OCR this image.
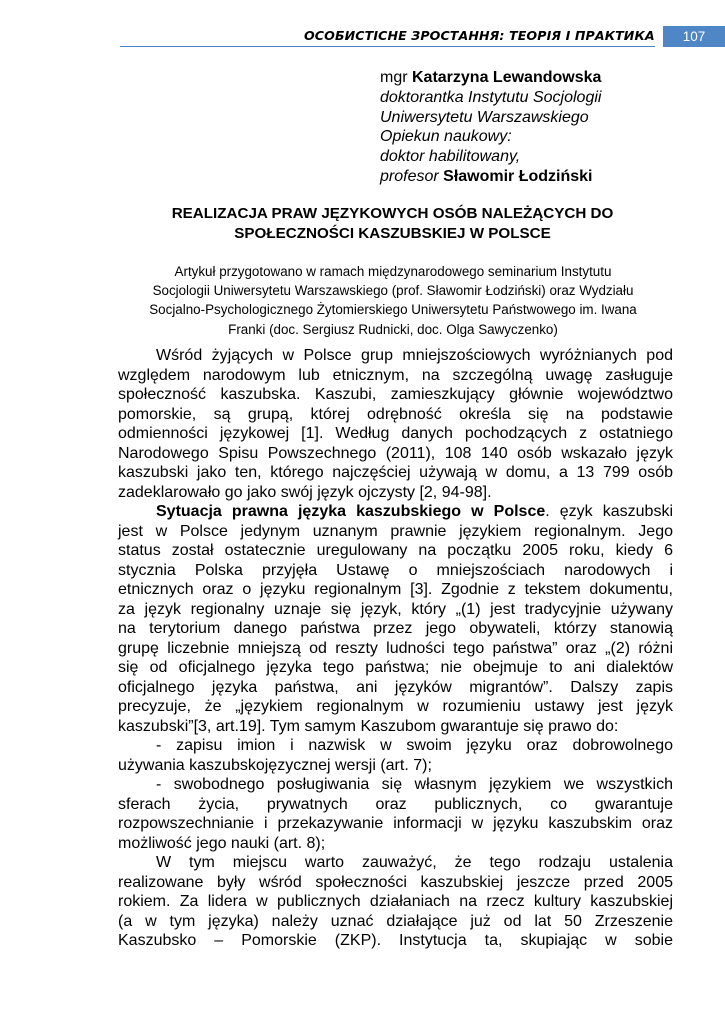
ОСОБИСТІСНЕ ЗРОСТАННЯ: ТЕОРІЯ І ПРАКТИКА	107
mgr Katarzyna Lewandowska
doktorantka Instytutu Socjologii
Uniwersytetu Warszawskiego
Opiekun naukowy:
doktor habilitowany,
profesor Sławomir Łodziński
REALIZACJA PRAW JĘZYKOWYCH OSÓB NALEŻĄCYCH DO
SPOŁECZNOŚCI KASZUBSKIEJ W POLSCE
Artykuł przygotowano w ramach międzynarodowego seminarium Instytutu
Socjologii Uniwersytetu Warszawskiego (prof. Sławomir Łodziński) oraz Wydziału
Socjalno-Psychologicznego Żytomierskiego Uniwersytetu Państwowego im. Iwana
Franki (doc. Sergiusz Rudnicki, doc. Olga Sawyczenko)
Wśród żyjących w Polsce grup mniejszościowych wyróżnianych pod
względem narodowym lub etnicznym, na szczególną uwagę zasługuje
społeczność kaszubska. Kaszubi, zamieszkujący głównie województwo
pomorskie, są grupą, której odrębność określa się na podstawie
odmienności językowej [1]. Według danych pochodzących z ostatniego
Narodowego Spisu Powszechnego (2011), 108 140 osób wskazało język
kaszubski jako ten, którego najczęściej używają w domu, a 13 799 osób
zadeklarowało go jako swój język ojczysty [2, 94-98].
Sytuacja prawna języka kaszubskiego w Polsce. ęzyk kaszubski
jest w Polsce jedynym uznanym prawnie językiem regionalnym. Jego
status został ostatecznie uregulowany na początku 2005 roku, kiedy 6
stycznia Polska przyjęła Ustawę o mniejszościach narodowych i
etnicznych oraz o języku regionalnym [3]. Zgodnie z tekstem dokumentu,
za język regionalny uznaje się język, który „(1) jest tradycyjnie używany
na terytorium danego państwa przez jego obywateli, którzy stanowią
grupę liczebnie mniejszą od reszty ludności tego państwa” oraz „(2) różni
się od oficjalnego języka tego państwa; nie obejmuje to ani dialektów
oficjalnego języka państwa, ani języków migrantów”. Dalszy zapis
precyzuje, że „językiem regionalnym w rozumieniu ustawy jest język
kaszubski”[3, art.19]. Tym samym Kaszubom gwarantuje się prawo do:
- zapisu imion i nazwisk w swoim języku oraz dobrowolnego
używania kaszubskojęzycznej wersji (art. 7);
- swobodnego posługiwania się własnym językiem we wszystkich
sferach życia, prywatnych oraz publicznych, co gwarantuje
rozpowszechnianie i przekazywanie informacji w języku kaszubskim oraz
możliwość jego nauki (art. 8);
W tym miejscu warto zauważyć, że tego rodzaju ustalenia
realizowane były wśród społeczności kaszubskiej jeszcze przed 2005
rokiem. Za lidera w publicznych działaniach na rzecz kultury kaszubskiej
(a w tym języka) należy uznać działające już od lat 50 Zrzeszenie
Kaszubsko – Pomorskie (ZKP). Instytucja ta, skupiając w sobie
